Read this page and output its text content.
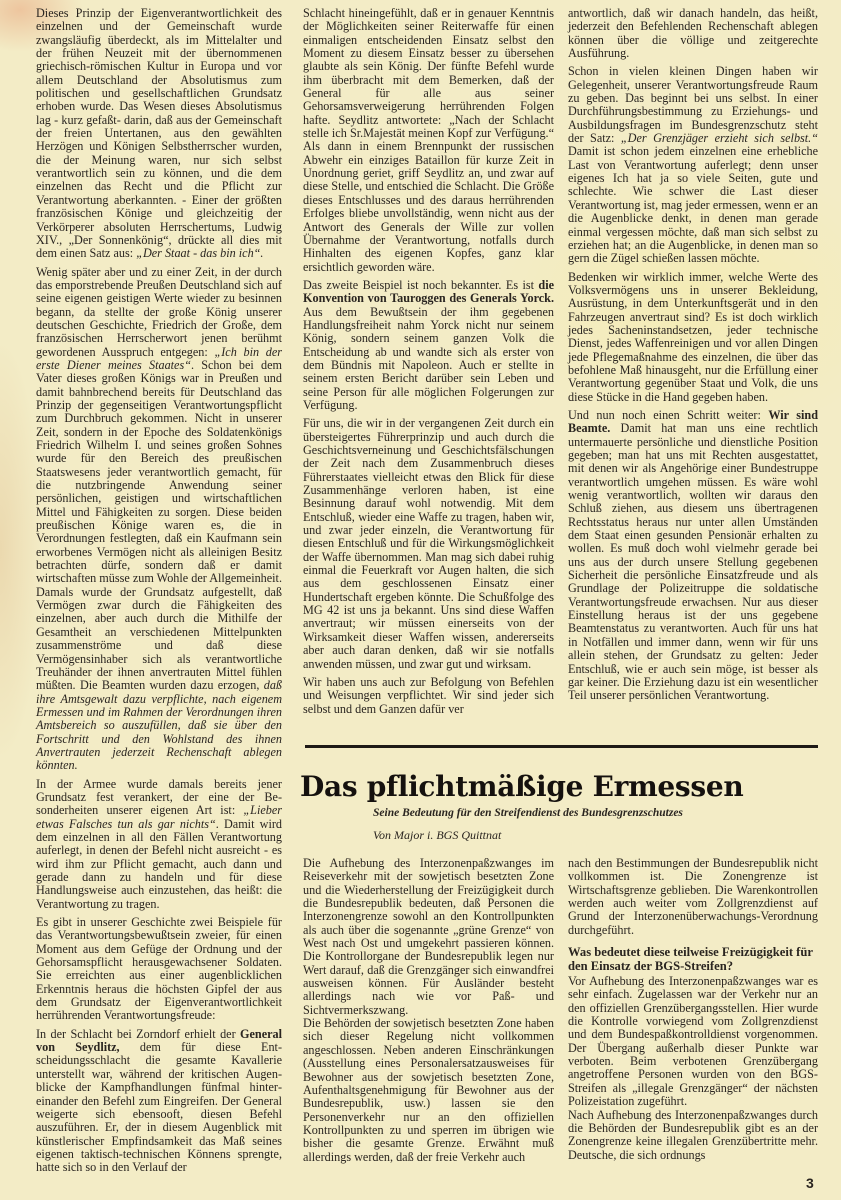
Dieses Prinzip der Eigenverantwortlichkeit des einzelnen und der Gemeinschaft wurde zwangsläufig überdeckt, als im Mittelalter und der frühen Neuzeit mit der übernommenen griechisch-römischen Kultur in Europa und vor allem Deutschland der Absolutismus zum politischen und gesellschaftlichen Grundsatz erhoben wurde. Das Wesen dieses Absolutismus lag - kurz gefaßt- darin, daß aus der Gemeinschaft der freien Untertanen, aus den gewählten Herzögen und Königen Selbstherrscher wurden, die der Meinung waren, nur sich selbst verantwortlich sein zu können, und die dem einzelnen das Recht und die Pflicht zur Verantwortung aberkannten. - Einer der größten französischen Könige und gleichzeitig der Verkörperer absoluten Herrschertums, Ludwig XIV., „Der Sonnenkönig“, drückte all dies mit dem einen Satz aus: „Der Staat - das bin ich“.

Wenig später aber und zu einer Zeit, in der durch das emporstrebende Preußen Deutschland sich auf seine eigenen geistigen Werte wieder zu besinnen begann, da stellte der große König unserer deutschen Geschichte, Friedrich der Große, dem französischen Herrscherwort jenen berühmt gewordenen Ausspruch entgegen: „Ich bin der erste Diener meines Staates“. Schon bei dem Vater dieses großen Königs war in Preußen und damit bahnbrechend bereits für Deutschland das Prinzip der gegenseitigen Verantwortungspflicht zum Durchbruch gekommen. Nicht in unserer Zeit, sondern in der Epoche des Soldatenkönigs Friedrich Wilhelm I. und seines großen Sohnes wurde für den Bereich des preußischen Staatswesens jeder verantwortlich gemacht, für die nutzbringende Anwendung seiner persönlichen, geistigen und wirtschaftlichen Mittel und Fähigkeiten zu sorgen. Diese beiden preußischen Könige waren es, die in Verordnungen festlegten, daß ein Kaufmann sein erworbenes Vermögen nicht als alleinigen Besitz betrachten dürfe, sondern daß er damit wirtschaften müsse zum Wohle der Allgemeinheit. Damals wurde der Grundsatz aufgestellt, daß Vermögen zwar durch die Fähigkeiten des einzelnen, aber auch durch die Mithilfe der Gesamtheit an verschiedenen Mittelpunkten zusammenströme und daß diese Vermögensinhaber sich als verantwortliche Treuhänder der ihnen anvertrauten Mittel fühlen müßten. Die Beamten wurden dazu erzogen, daß ihre Amtsgewalt dazu verpflichte, nach eigenem Ermessen und im Rahmen der Verordnungen ihren Amtsbereich so auszufüllen, daß sie über den Fortschritt und den Wohlstand des ihnen Anvertrauten jederzeit Rechenschaft ablegen könnten.

In der Armee wurde damals bereits jener Grundsatz fest verankert, der eine der Besonderheiten unserer eigenen Art ist: „Lieber etwas Falsches tun als gar nichts“. Damit wird dem einzelnen in all den Fällen Verantwortung auferlegt, in denen der Befehl nicht ausreicht - es wird ihm zur Pflicht gemacht, auch dann und gerade dann zu handeln und für diese Handlungsweise auch einzustehen, das heißt: die Verantwortung zu tragen.

Es gibt in unserer Geschichte zwei Beispiele für das Verantwortungsbewußtsein zweier, für einen Moment aus dem Gefüge der Ordnung und der Gehorsamspflicht herausgewachsener Soldaten. Sie erreichten aus einer augenblicklichen Erkenntnis heraus die höchsten Gipfel der aus dem Grundsatz der Eigenverantwortlichkeit herrührenden Verantwortungsfreude:

In der Schlacht bei Zorndorf erhielt der General von Seydlitz, dem für diese Entscheidungsschlacht die gesamte Kavallerie unterstellt war, während der kritischen Augenblicke der Kampfhandlungen fünfmal hintereinander den Befehl zum Eingreifen. Der General weigerte sich ebensooft, diesen Befehl auszuführen. Er, der in diesem Augenblick mit künstlerischer Empfindsamkeit das Maß seines eigenen taktisch-technischen Könnens sprengte, hatte sich so in den Verlauf der

Schlacht hineingefühlt, daß er in genauer Kenntnis der Möglichkeiten seiner Reiterwaffe für einen einmaligen entscheidenden Einsatz selbst den Moment zu diesem Einsatz besser zu übersehen glaubte als sein König. Der fünfte Befehl wurde ihm überbracht mit dem Bemerken, daß der General für alle aus seiner Gehorsamsverweigerung herrührenden Folgen hafte. Seydlitz antwortete: „Nach der Schlacht stelle ich Sr.Majestät meinen Kopf zur Verfügung.“ Als dann in einem Brennpunkt der russischen Abwehr ein einziges Bataillon für kurze Zeit in Unordnung geriet, griff Seydlitz an, und zwar auf diese Stelle, und entschied die Schlacht. Die Größe dieses Entschlusses und des daraus herrührenden Erfolges bliebe unvollständig, wenn nicht aus der Antwort des Generals der Wille zur vollen Übernahme der Verantwortung, notfalls durch Hinhalten des eigenen Kopfes, ganz klar ersichtlich geworden wäre.

Das zweite Beispiel ist noch bekannter. Es ist die Konvention von Tauroggen des Generals Yorck. Aus dem Bewußtsein der ihm gegebenen Handlungsfreiheit nahm Yorck nicht nur seinem König, sondern seinem ganzen Volk die Entscheidung ab und wandte sich als erster von dem Bündnis mit Napoleon. Auch er stellte in seinem ersten Bericht darüber sein Leben und seine Person für alle möglichen Folgerungen zur Verfügung.

Für uns, die wir in der vergangenen Zeit durch ein übersteigertes Führerprinzip und auch durch die Geschichtsverneinung und Geschichtsfälschungen der Zeit nach dem Zusammenbruch dieses Führerstaates vielleicht etwas den Blick für diese Zusammenhänge verloren haben, ist eine Besinnung darauf wohl notwendig. Mit dem Entschluß, wieder eine Waffe zu tragen, haben wir, und zwar jeder einzeln, die Verantwortung für diesen Entschluß und für die Wirkungsmöglichkeit der Waffe übernommen. Man mag sich dabei ruhig einmal die Feuerkraft vor Augen halten, die sich aus dem geschlossenen Einsatz einer Hundertschaft ergeben könnte. Die Schußfolge des MG 42 ist uns ja bekannt. Uns sind diese Waffen anvertraut; wir müssen einerseits von der Wirksamkeit dieser Waffen wissen, andererseits aber auch daran denken, daß wir sie notfalls anwenden müssen, und zwar gut und wirksam.

Wir haben uns auch zur Befolgung von Befehlen und Weisungen verpflichtet. Wir sind jeder sich selbst und dem Ganzen dafür ver

antwortlich, daß wir danach handeln, das heißt, jederzeit den Befehlenden Rechenschaft ablegen können über die völlige und zeitgerechte Ausführung.

Schon in vielen kleinen Dingen haben wir Gelegenheit, unserer Verantwortungsfreude Raum zu geben. Das beginnt bei uns selbst. In einer Durchführungsbestimmung zu Erziehungs- und Ausbildungsfragen im Bundesgrenzschutz steht der Satz: „Der Grenzjäger erzieht sich selbst.“ Damit ist schon jedem einzelnen eine erhebliche Last von Verantwortung auferlegt; denn unser eigenes Ich hat ja so viele Seiten, gute und schlechte. Wie schwer die Last dieser Verantwortung ist, mag jeder ermessen, wenn er an die Augenblicke denkt, in denen man gerade einmal vergessen möchte, daß man sich selbst zu erziehen hat; an die Augenblicke, in denen man so gern die Zügel schießen lassen möchte.

Bedenken wir wirklich immer, welche Werte des Volksvermögens uns in unserer Bekleidung, Ausrüstung, in dem Unterkunftsgerät und in den Fahrzeugen anvertraut sind? Es ist doch wirklich jedes Sacheninstandsetzen, jeder technische Dienst, jedes Waffenreinigen und vor allen Dingen jede Pflegemaßnahme des einzelnen, die über das befohlene Maß hinausgeht, nur die Erfüllung einer Verantwortung gegenüber Staat und Volk, die uns diese Stücke in die Hand gegeben haben.

Und nun noch einen Schritt weiter: Wir sind Beamte. Damit hat man uns eine rechtlich untermauerte persönliche und dienstliche Position gegeben; man hat uns mit Rechten ausgestattet, mit denen wir als Angehörige einer Bundestruppe verantwortlich umgehen müssen. Es wäre wohl wenig verantwortlich, wollten wir daraus den Schluß ziehen, aus diesem uns übertragenen Rechtsstatus heraus nur unter allen Umständen dem Staat einen gesunden Pensionär erhalten zu wollen. Es muß doch wohl vielmehr gerade bei uns aus der durch unsere Stellung gegebenen Sicherheit die persönliche Einsatzfreude und als Grundlage der Polizeitruppe die soldatische Verantwortungsfreude erwachsen. Nur aus dieser Einstellung heraus ist der uns gegebene Beamtenstatus zu verantworten. Auch für uns hat in Notfällen und immer dann, wenn wir für uns allein stehen, der Grundsatz zu gelten: Jeder Entschluß, wie er auch sein möge, ist besser als gar keiner. Die Erziehung dazu ist ein wesentlicher Teil unserer persönlichen Verantwortung.

Das pflichtmäßige Ermessen
Seine Bedeutung für den Streifendienst des Bundesgrenzschutzes
Von Major i. BGS Quittnat

Die Aufhebung des Interzonenpaßzwanges im Reiseverkehr mit der sowjetisch besetzten Zone und die Wiederherstellung der Freizügigkeit durch die Bundesrepublik bedeuten, daß Personen die Interzonengrenze sowohl an den Kontrollpunkten als auch über die sogenannte „grüne Grenze“ von West nach Ost und umgekehrt passieren können. Die Kontrollorgane der Bundesrepublik legen nur Wert darauf, daß die Grenzgänger sich einwandfrei ausweisen können. Für Ausländer besteht allerdings nach wie vor Paß- und Sichtvermerkszwang.

Die Behörden der sowjetisch besetzten Zone haben sich dieser Regelung nicht vollkommen angeschlossen. Neben anderen Einschränkungen (Ausstellung eines Personalersatzausweises für Bewohner aus der sowjetisch besetzten Zone, Aufenthaltsgenehmigung für Bewohner aus der Bundesrepublik, usw.) lassen sie den Personenverkehr nur an den offiziellen Kontrollpunkten zu und sperren im übrigen wie bisher die gesamte Grenze. Erwähnt muß allerdings werden, daß der freie Verkehr auch

nach den Bestimmungen der Bundesrepublik nicht vollkommen ist. Die Zonengrenze ist Wirtschaftsgrenze geblieben. Die Warenkontrollen werden auch weiter vom Zollgrenzdienst auf Grund der Interzonenüberwachungs-Verordnung durchgeführt.

Was bedeutet diese teilweise Freizügigkeit für den Einsatz der BGS-Streifen?

Vor Aufhebung des Interzonenpaßzwanges war es sehr einfach. Zugelassen war der Verkehr nur an den offiziellen Grenzübergangsstellen. Hier wurde die Kontrolle vorwiegend vom Zollgrenzdienst und dem Bundespaßkontrolldienst vorgenommen. Der Übergang außerhalb dieser Punkte war verboten. Beim verbotenen Grenzübergang angetroffene Personen wurden von den BGS-Streifen als „illegale Grenzgänger“ der nächsten Polizeistation zugeführt.

Nach Aufhebung des Interzonenpaßzwanges durch die Behörden der Bundesrepublik gibt es an der Zonengrenze keine illegalen Grenzübertritte mehr. Deutsche, die sich ordnungs

3
